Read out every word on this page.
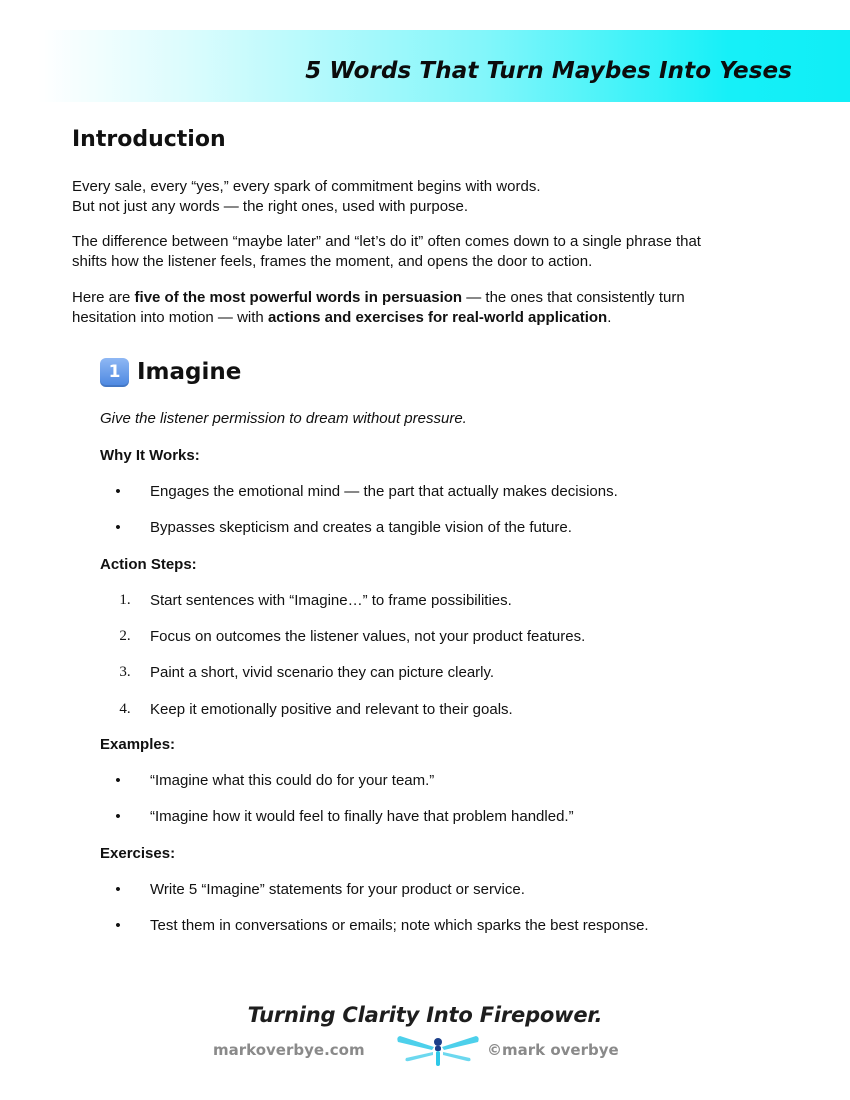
5 Words That Turn Maybes Into Yeses
Introduction
Every sale, every “yes,” every spark of commitment begins with words.
But not just any words — the right ones, used with purpose.
The difference between “maybe later” and “let’s do it” often comes down to a single phrase that
shifts how the listener feels, frames the moment, and opens the door to action.
Here are five of the most powerful words in persuasion — the ones that consistently turn
hesitation into motion — with actions and exercises for real-world application.
1 Imagine
Give the listener permission to dream without pressure.
Why It Works:
•	Engages the emotional mind — the part that actually makes decisions.
•	Bypasses skepticism and creates a tangible vision of the future.
Action Steps:
1.	Start sentences with “Imagine…” to frame possibilities.
2.	Focus on outcomes the listener values, not your product features.
3.	Paint a short, vivid scenario they can picture clearly.
4.	Keep it emotionally positive and relevant to their goals.
Examples:
•	“Imagine what this could do for your team.”
•	“Imagine how it would feel to finally have that problem handled.”
Exercises:
•	Write 5 “Imagine” statements for your product or service.
•	Test them in conversations or emails; note which sparks the best response.
Turning Clarity Into Firepower.
markoverbye.com	©mark overbye
